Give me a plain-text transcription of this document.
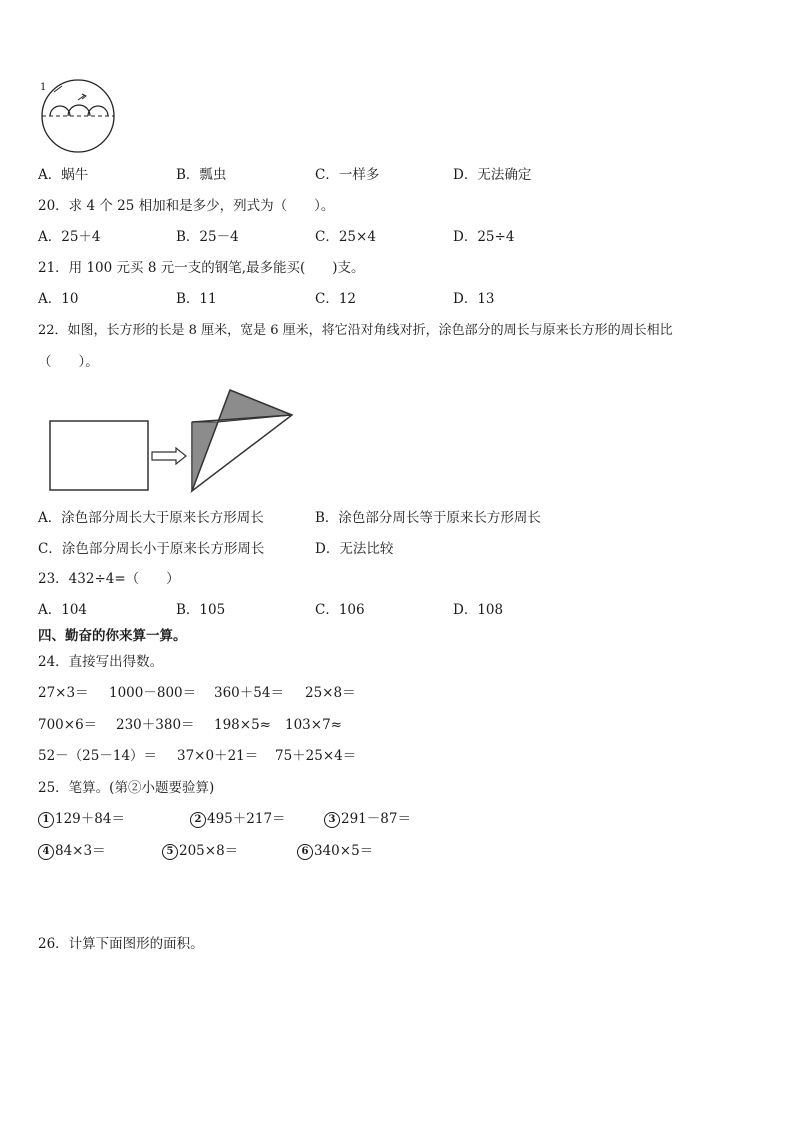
1
A．蜗牛	B．瓢虫	C．一样多	D．无法确定
20．求 4 个 25 相加和是多少，列式为（　　）。
A．25＋4	B．25－4	C．25×4	D．25÷4
21．用 100 元买 8 元一支的钢笔,最多能买(　　)支。
A．10	B．11	C．12	D．13
22．如图，长方形的长是 8 厘米，宽是 6 厘米，将它沿对角线对折，涂色部分的周长与原来长方形的周长相比
（　　）。
A．涂色部分周长大于原来长方形周长	B．涂色部分周长等于原来长方形周长
C．涂色部分周长小于原来长方形周长	D．无法比较
23．432÷4=（　　）
A．104	B．105	C．106	D．108
四、勤奋的你来算一算。
24．直接写出得数。
27×3＝ 1000－800＝ 360＋54＝ 25×8＝
700×6＝ 230＋380＝ 198×5≈ 103×7≈
52－（25－14）＝ 37×0＋21＝ 75＋25×4＝
25．笔算。(第②小题要验算)
1 129＋84＝	2 495＋217＝	3 291－87＝
4 84×3＝	5 205×8＝	6 340×5＝
26．计算下面图形的面积。
